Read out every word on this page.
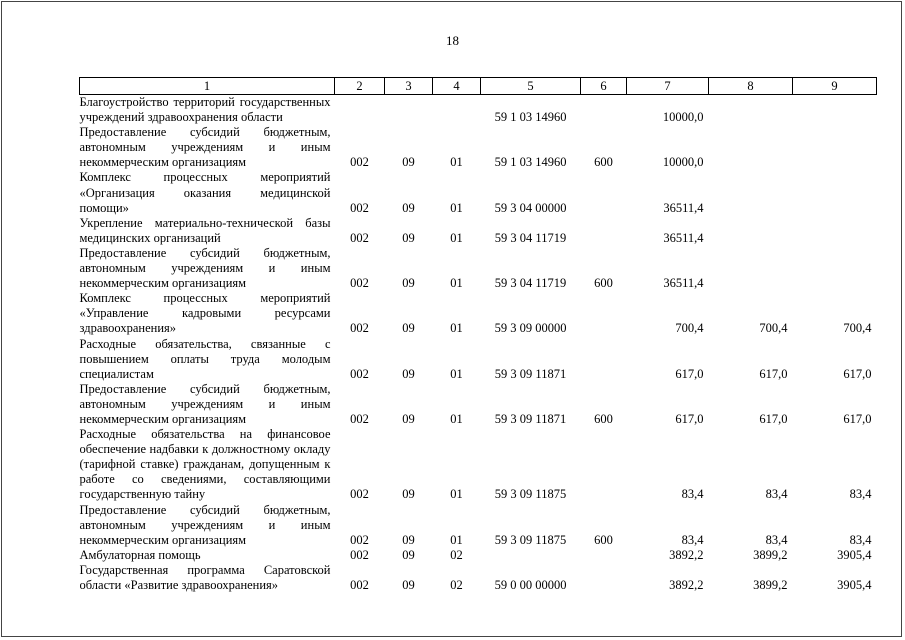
18
1	2	3	4	5	6	7	8	9
Благоустройство территорий государственных учреждений здравоохранения области				59 1 03 14960		10000,0		
Предоставление субсидий бюджетным, автономным учреждениям и иным некоммерческим организациям	002	09	01	59 1 03 14960	600	10000,0		
Комплекс процессных мероприятий «Организация оказания медицинской помощи»	002	09	01	59 3 04 00000		36511,4		
Укрепление материально-технической базы медицинских организаций	002	09	01	59 3 04 11719		36511,4		
Предоставление субсидий бюджетным, автономным учреждениям и иным некоммерческим организациям	002	09	01	59 3 04 11719	600	36511,4		
Комплекс процессных мероприятий «Управление кадровыми ресурсами здравоохранения»	002	09	01	59 3 09 00000		700,4	700,4	700,4
Расходные обязательства, связанные с повышением оплаты труда молодым специалистам	002	09	01	59 3 09 11871		617,0	617,0	617,0
Предоставление субсидий бюджетным, автономным учреждениям и иным некоммерческим организациям	002	09	01	59 3 09 11871	600	617,0	617,0	617,0
Расходные обязательства на финансовое обеспечение надбавки к должностному окладу (тарифной ставке) гражданам, допущенным к работе со сведениями, составляющими государственную тайну	002	09	01	59 3 09 11875		83,4	83,4	83,4
Предоставление субсидий бюджетным, автономным учреждениям и иным некоммерческим организациям	002	09	01	59 3 09 11875	600	83,4	83,4	83,4
Амбулаторная помощь	002	09	02			3892,2	3899,2	3905,4
Государственная программа Саратовской области «Развитие здравоохранения»	002	09	02	59 0 00 00000		3892,2	3899,2	3905,4
